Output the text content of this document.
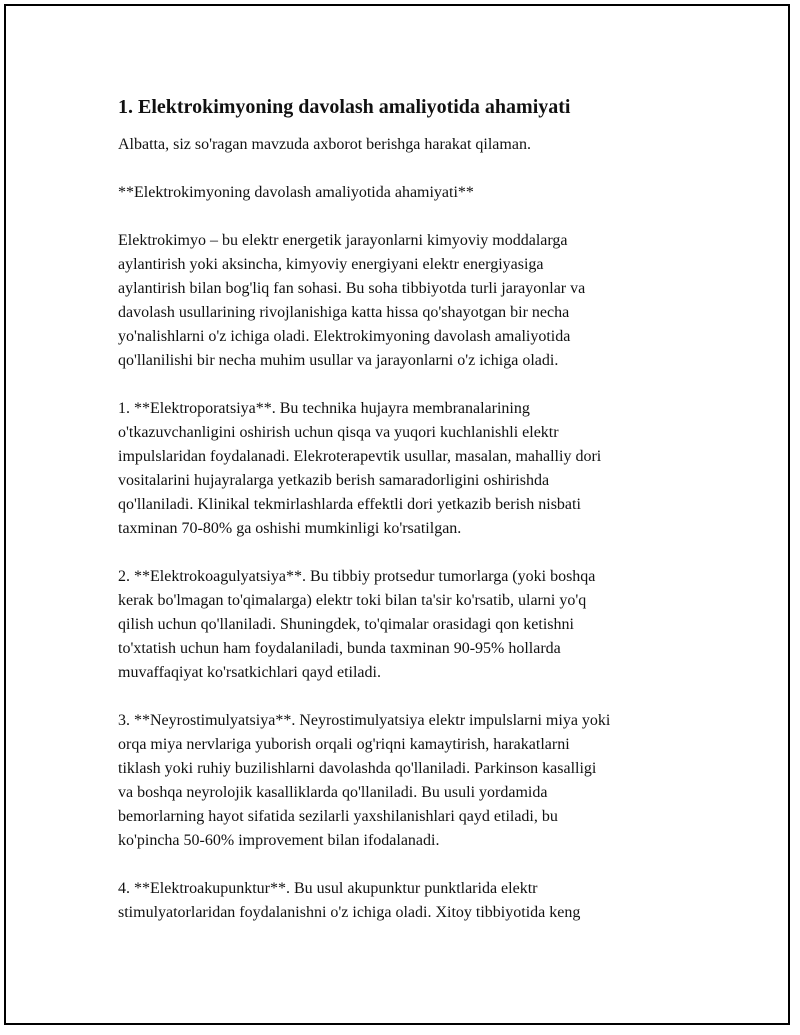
1. Elektrokimyoning davolash amaliyotida ahamiyati

Albatta, siz so'ragan mavzuda axborot berishga harakat qilaman.

**Elektrokimyoning davolash amaliyotida ahamiyati**

Elektrokimyo – bu elektr energetik jarayonlarni kimyoviy moddalarga
aylantirish yoki aksincha, kimyoviy energiyani elektr energiyasiga
aylantirish bilan bog'liq fan sohasi. Bu soha tibbiyotda turli jarayonlar va
davolash usullarining rivojlanishiga katta hissa qo'shayotgan bir necha
yo'nalishlarni o'z ichiga oladi. Elektrokimyoning davolash amaliyotida
qo'llanilishi bir necha muhim usullar va jarayonlarni o'z ichiga oladi.

1. **Elektroporatsiya**. Bu technika hujayra membranalarining
o'tkazuvchanligini oshirish uchun qisqa va yuqori kuchlanishli elektr
impulslaridan foydalanadi. Elekroterapevtik usullar, masalan, mahalliy dori
vositalarini hujayralarga yetkazib berish samaradorligini oshirishda
qo'llaniladi. Klinikal tekmirlashlarda effektli dori yetkazib berish nisbati
taxminan 70-80% ga oshishi mumkinligi ko'rsatilgan.

2. **Elektrokoagulyatsiya**. Bu tibbiy protsedur tumorlarga (yoki boshqa
kerak bo'lmagan to'qimalarga) elektr toki bilan ta'sir ko'rsatib, ularni yo'q
qilish uchun qo'llaniladi. Shuningdek, to'qimalar orasidagi qon ketishni
to'xtatish uchun ham foydalaniladi, bunda taxminan 90-95% hollarda
muvaffaqiyat ko'rsatkichlari qayd etiladi.

3. **Neyrostimulyatsiya**. Neyrostimulyatsiya elektr impulslarni miya yoki
orqa miya nervlariga yuborish orqali og'riqni kamaytirish, harakatlarni
tiklash yoki ruhiy buzilishlarni davolashda qo'llaniladi. Parkinson kasalligi
va boshqa neyrolojik kasalliklarda qo'llaniladi. Bu usuli yordamida
bemorlarning hayot sifatida sezilarli yaxshilanishlari qayd etiladi, bu
ko'pincha 50-60% improvement bilan ifodalanadi.

4. **Elektroakupunktur**. Bu usul akupunktur punktlarida elektr
stimulyatorlaridan foydalanishni o'z ichiga oladi. Xitoy tibbiyotida keng
